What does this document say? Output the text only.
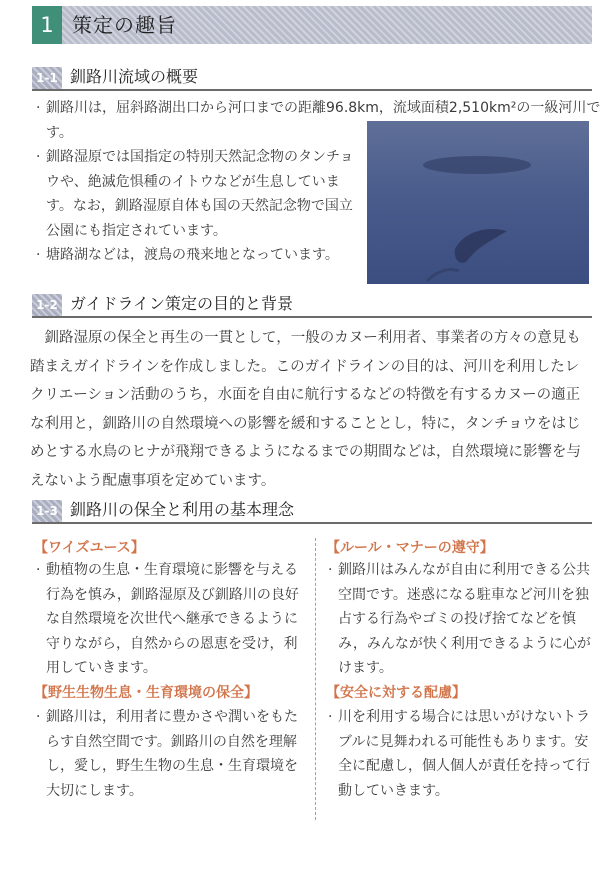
1 策定の趣旨
1-1 釧路川流域の概要
· 釧路川は，屈斜路湖出口から河口までの距離96.8km，流域面積2,510km²の一級河川です。
· 釧路湿原では国指定の特別天然記念物のタンチョウや、絶滅危惧種のイトウなどが生息しています。なお，釧路湿原自体も国の天然記念物で国立公園にも指定されています。
· 塘路湖などは，渡鳥の飛来地となっています。
1-2 ガイドライン策定の目的と背景

釧路湿原の保全と再生の一貫として，一般のカヌー利用者、事業者の方々の意見も踏まえガイドラインを作成しました。このガイドラインの目的は、河川を利用したレクリエーション活動のうち，水面を自由に航行するなどの特徴を有するカヌーの適正な利用と，釧路川の自然環境への影響を緩和することとし，特に，タンチョウをはじめとする水鳥のヒナが飛翔できるようになるまでの期間などは，自然環境に影響を与えないよう配慮事項を定めています。

1-3 釧路川の保全と利用の基本理念
【ワイズユース】
· 動植物の生息・生育環境に影響を与える行為を慎み，釧路湿原及び釧路川の良好な自然環境を次世代へ継承できるように守りながら，自然からの恩恵を受け，利用していきます。
【野生生物生息・生育環境の保全】
· 釧路川は，利用者に豊かさや潤いをもたらす自然空間です。釧路川の自然を理解し，愛し，野生生物の生息・生育環境を大切にします。
【ルール・マナーの遵守】
· 釧路川はみんなが自由に利用できる公共空間です。迷惑になる駐車など河川を独占する行為やゴミの投げ捨てなどを慎み，みんなが快く利用できるように心がけます。
【安全に対する配慮】
· 川を利用する場合には思いがけないトラブルに見舞われる可能性もあります。安全に配慮し，個人個人が責任を持って行動していきます。
